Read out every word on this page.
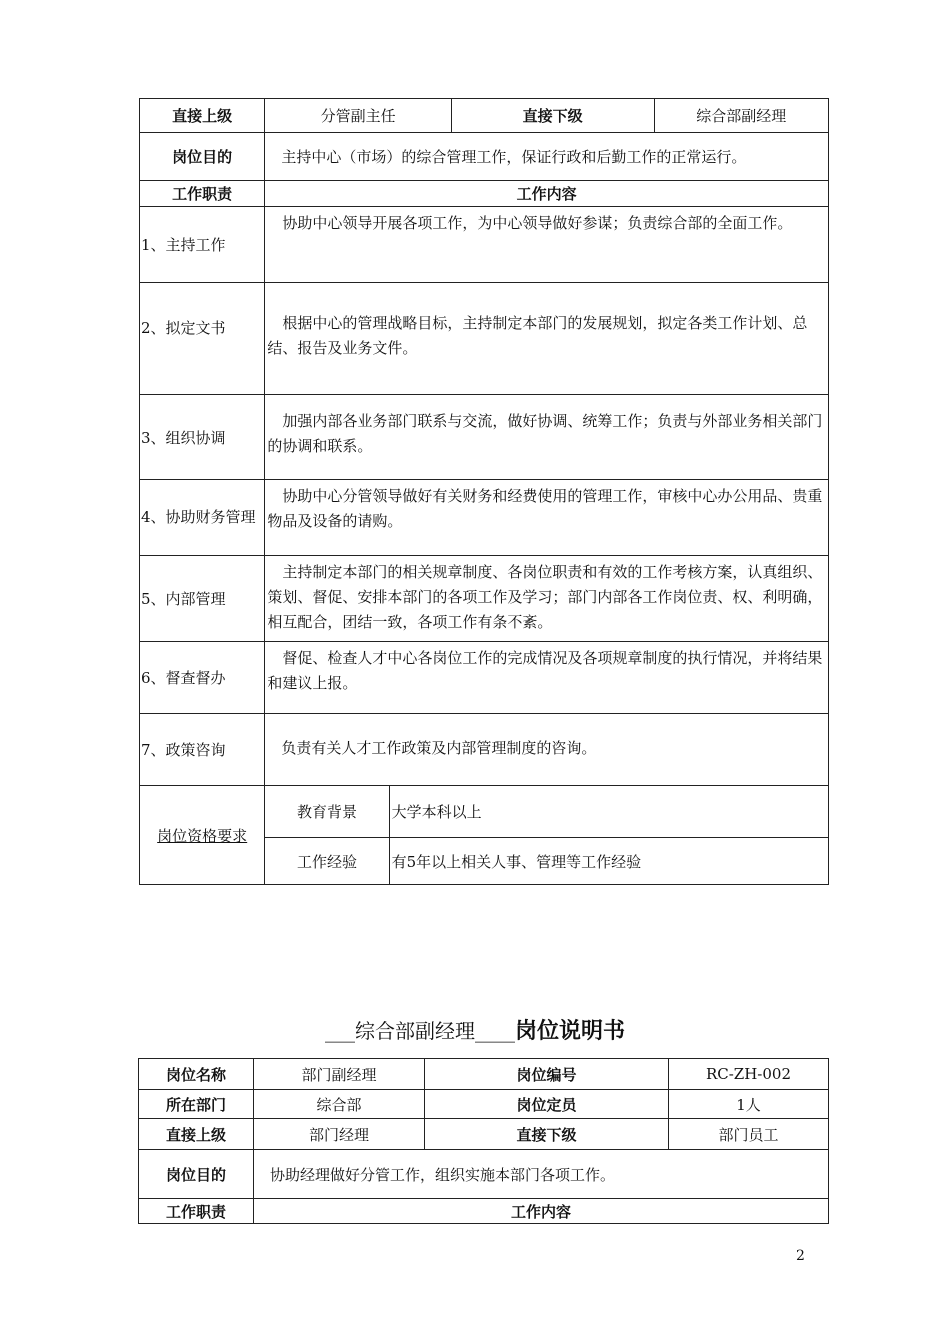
直接上级	分管副主任		直接下级	综合部副经理
岗位目的	主持中心（市场）的综合管理工作，保证行政和后勤工作的正常运行。			
工作职责	工作内容			
1、主持工作	　协助中心领导开展各项工作，为中心领导做好参谋；负责综合部的全面工作。			
2、拟定文书	　根据中心的管理战略目标，主持制定本部门的发展规划，拟定各类工作计划、总结、报告及业务文件。			
3、组织协调	　加强内部各业务部门联系与交流，做好协调、统筹工作；负责与外部业务相关部门的协调和联系。			
4、协助财务管理	　协助中心分管领导做好有关财务和经费使用的管理工作，审核中心办公用品、贵重物品及设备的请购。			
5、内部管理	　主持制定本部门的相关规章制度、各岗位职责和有效的工作考核方案，认真组织、策划、督促、安排本部门的各项工作及学习；部门内部各工作岗位责、权、利明确，相互配合，团结一致，各项工作有条不紊。			
6、督查督办	　督促、检查人才中心各岗位工作的完成情况及各项规章制度的执行情况，并将结果和建议上报。			
7、政策咨询	负责有关人才工作政策及内部管理制度的咨询。			
岗位资格要求	教育背景	大学本科以上		
	工作经验	有5年以上相关人事、管理等工作经验		
___综合部副经理____岗位说明书
岗位名称	部门副经理	岗位编号	RC-ZH-002
所在部门	综合部	岗位定员	1人
直接上级	部门经理	直接下级	部门员工
岗位目的	协助经理做好分管工作，组织实施本部门各项工作。		
工作职责	工作内容		
2
